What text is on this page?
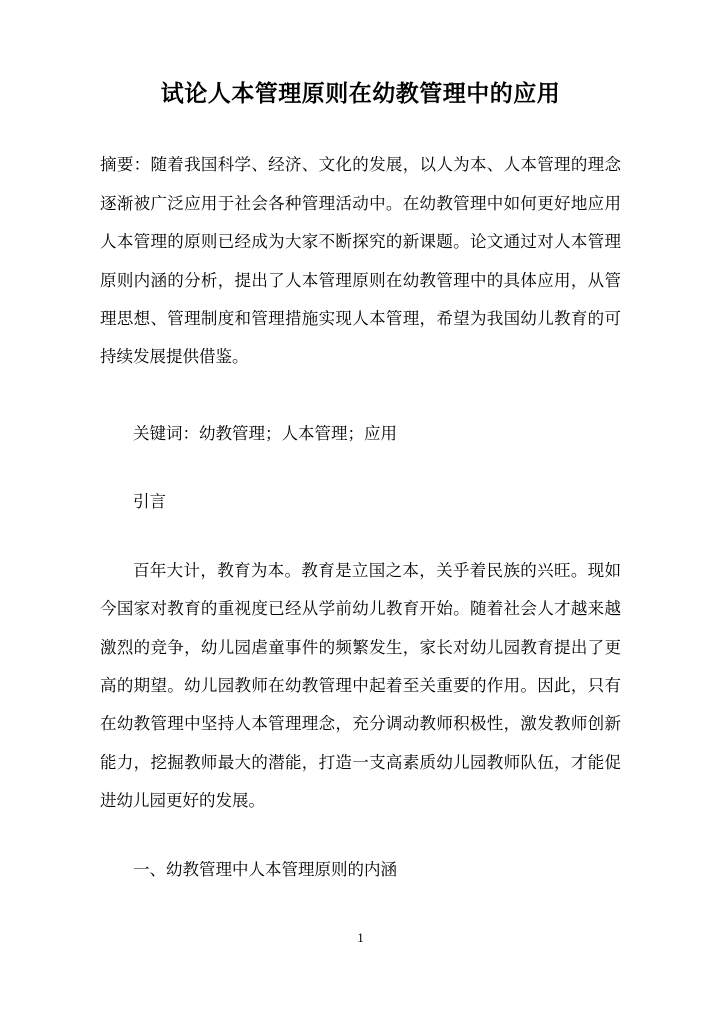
试论人本管理原则在幼教管理中的应用

摘要：随着我国科学、经济、文化的发展，以人为本、人本管理的理念逐渐被广泛应用于社会各种管理活动中。在幼教管理中如何更好地应用人本管理的原则已经成为大家不断探究的新课题。论文通过对人本管理原则内涵的分析，提出了人本管理原则在幼教管理中的具体应用，从管理思想、管理制度和管理措施实现人本管理，希望为我国幼儿教育的可持续发展提供借鉴。

关键词：幼教管理；人本管理；应用

引言

百年大计，教育为本。教育是立国之本，关乎着民族的兴旺。现如今国家对教育的重视度已经从学前幼儿教育开始。随着社会人才越来越激烈的竞争，幼儿园虐童事件的频繁发生，家长对幼儿园教育提出了更高的期望。幼儿园教师在幼教管理中起着至关重要的作用。因此，只有在幼教管理中坚持人本管理理念，充分调动教师积极性，激发教师创新能力，挖掘教师最大的潜能，打造一支高素质幼儿园教师队伍，才能促进幼儿园更好的发展。

一、幼教管理中人本管理原则的内涵

1
